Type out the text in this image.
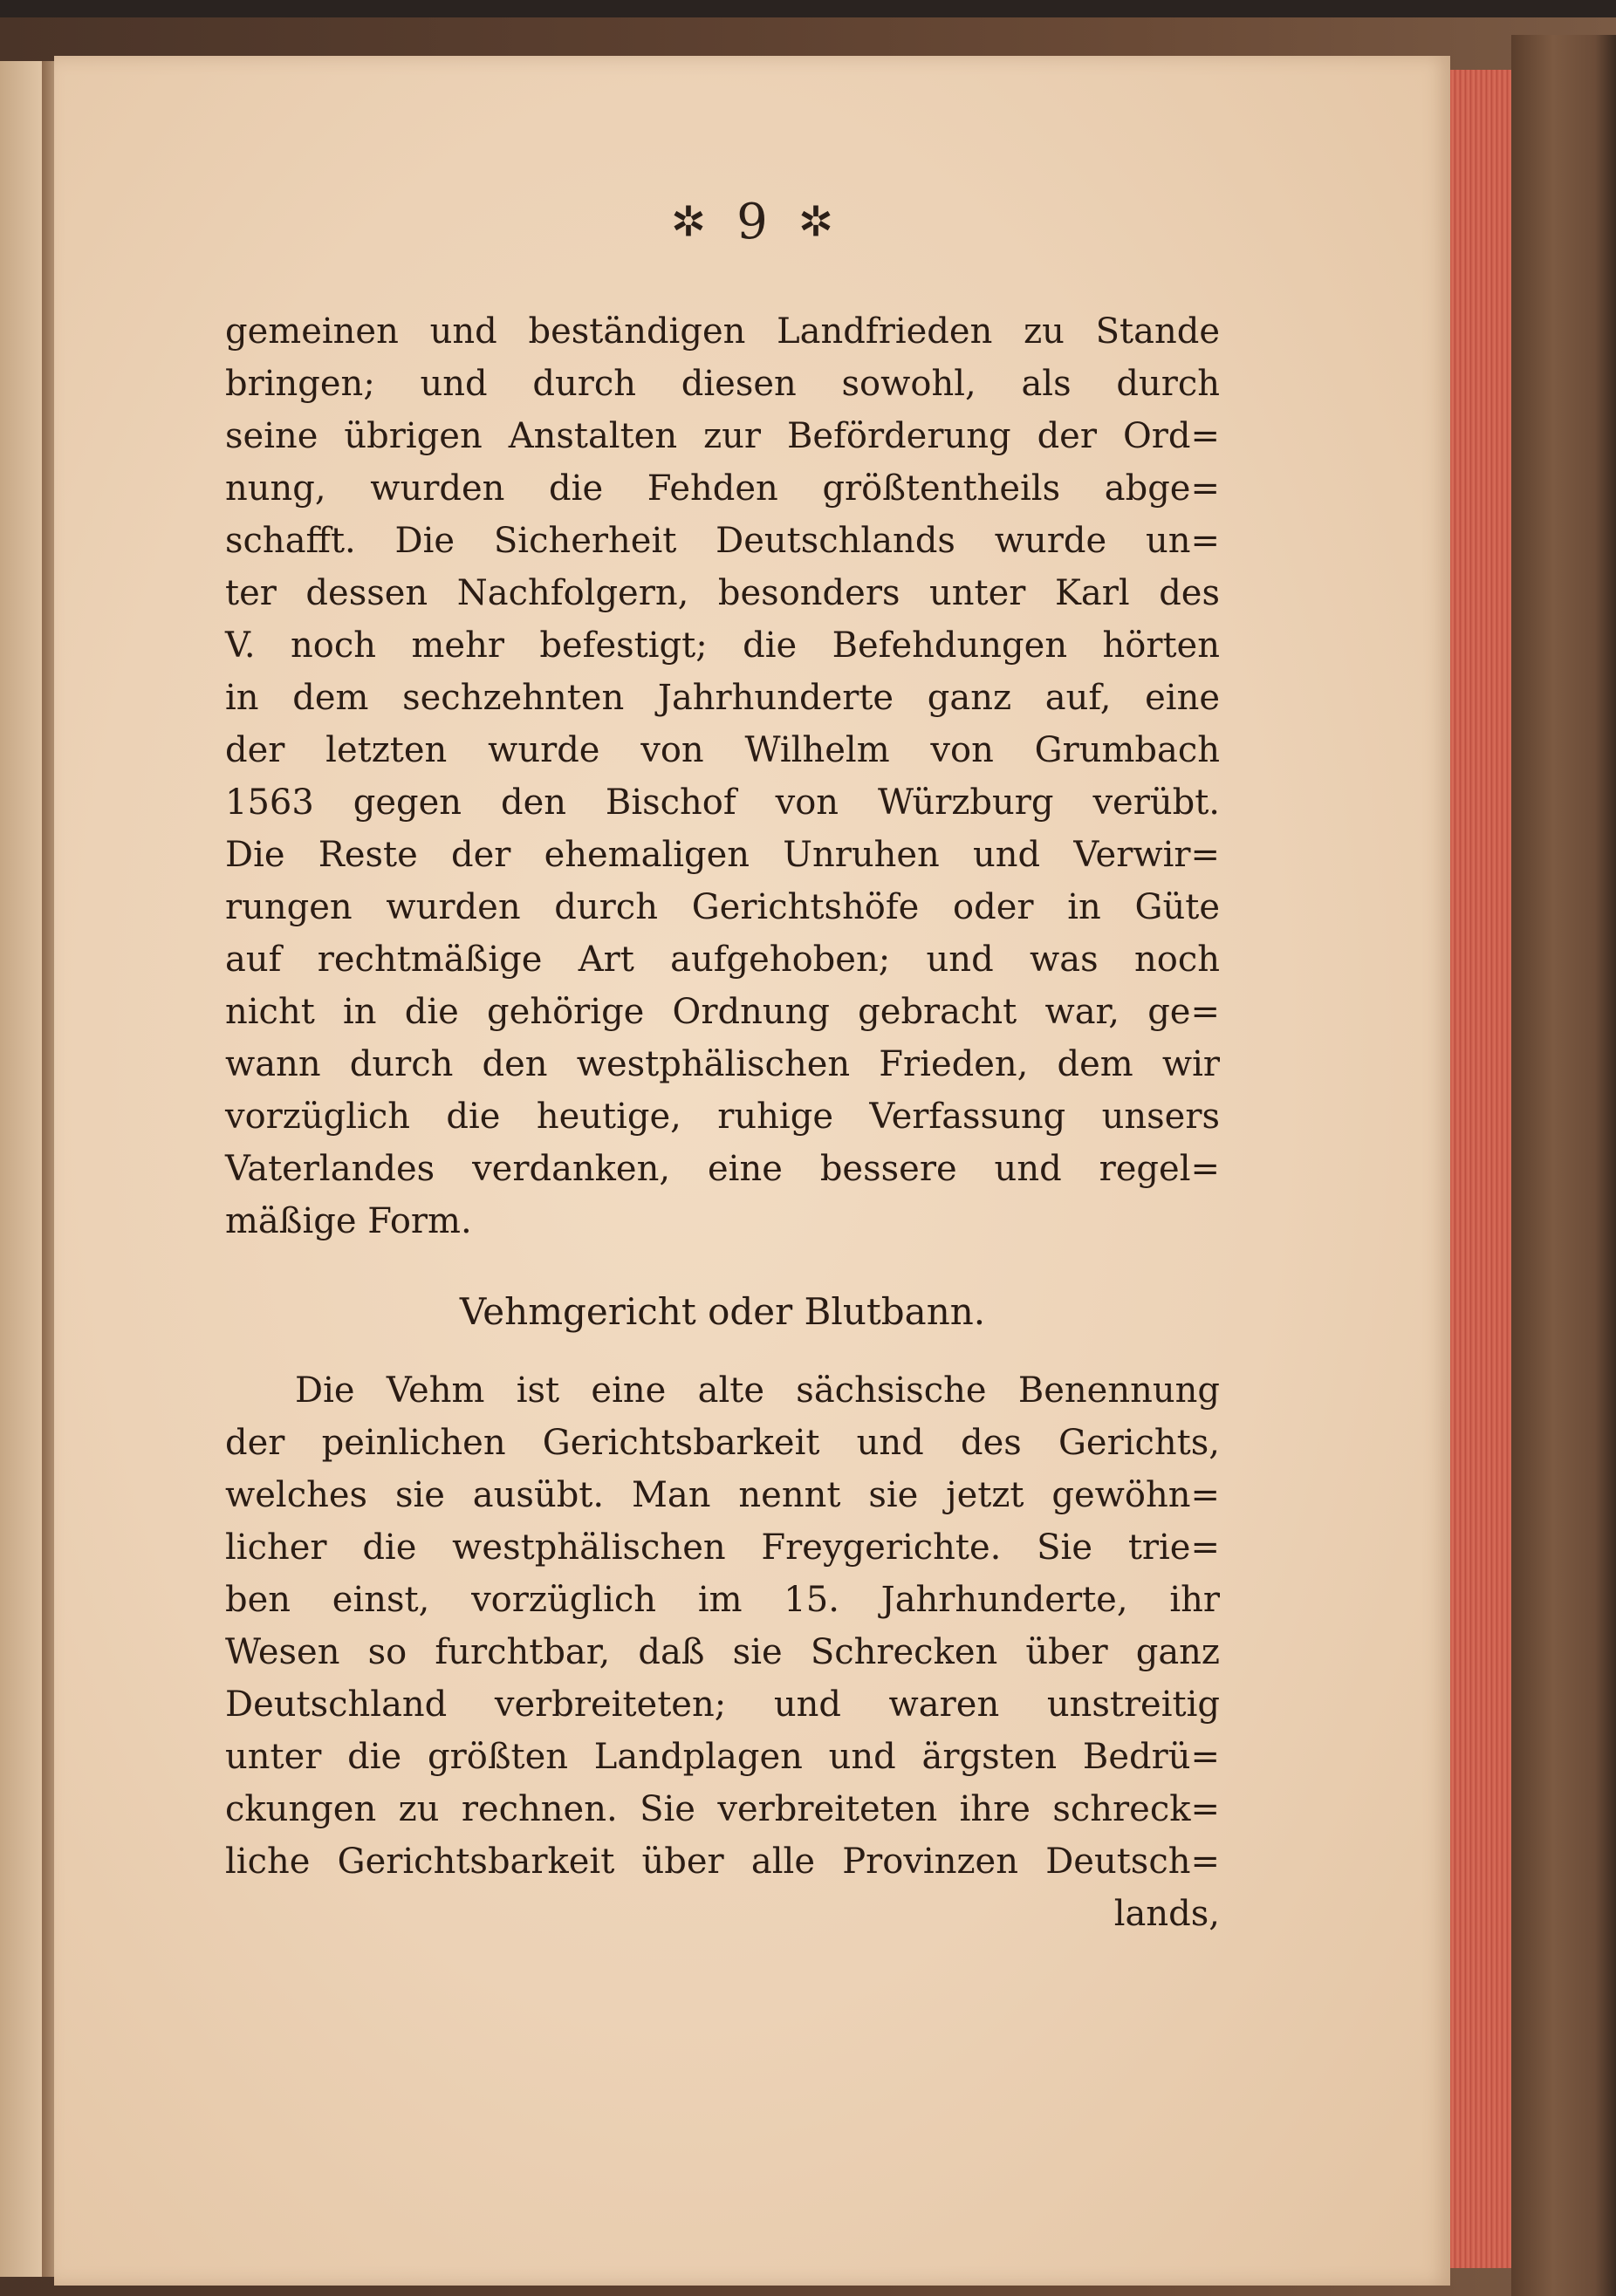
✲ 9 ✲
gemeinen und beständigen Landfrieden zu Stande
bringen; und durch diesen sowohl, als durch
seine übrigen Anstalten zur Beförderung der Ord=
nung, wurden die Fehden größtentheils abge=
schafft. Die Sicherheit Deutschlands wurde un=
ter dessen Nachfolgern, besonders unter Karl des
V. noch mehr befestigt; die Befehdungen hörten
in dem sechzehnten Jahrhunderte ganz auf, eine
der letzten wurde von Wilhelm von Grumbach
1563 gegen den Bischof von Würzburg verübt.
Die Reste der ehemaligen Unruhen und Verwir=
rungen wurden durch Gerichtshöfe oder in Güte
auf rechtmäßige Art aufgehoben; und was noch
nicht in die gehörige Ordnung gebracht war, ge=
wann durch den westphälischen Frieden, dem wir
vorzüglich die heutige, ruhige Verfassung unsers
Vaterlandes verdanken, eine bessere und regel=
mäßige Form.
Vehmgericht oder Blutbann.
Die Vehm ist eine alte sächsische Benennung
der peinlichen Gerichtsbarkeit und des Gerichts,
welches sie ausübt. Man nennt sie jetzt gewöhn=
licher die westphälischen Freygerichte. Sie trie=
ben einst, vorzüglich im 15. Jahrhunderte, ihr
Wesen so furchtbar, daß sie Schrecken über ganz
Deutschland verbreiteten; und waren unstreitig
unter die größten Landplagen und ärgsten Bedrü=
ckungen zu rechnen. Sie verbreiteten ihre schreck=
liche Gerichtsbarkeit über alle Provinzen Deutsch=
lands,
